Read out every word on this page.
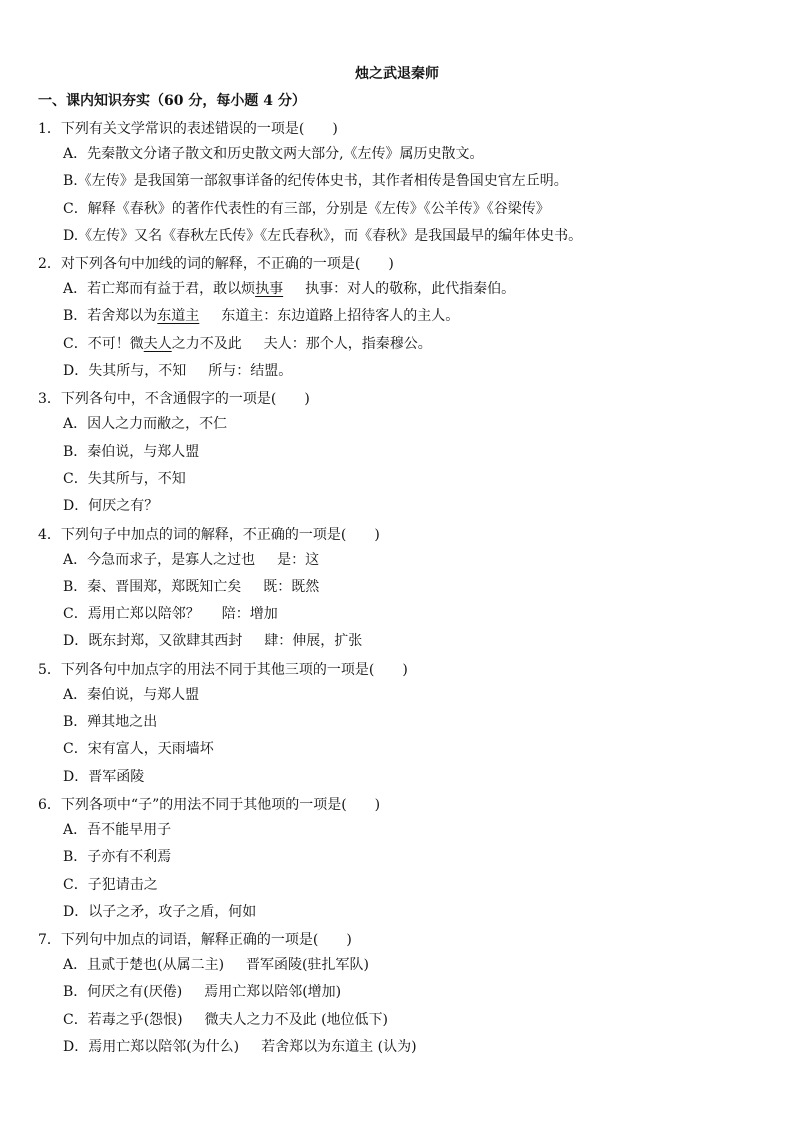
烛之武退秦师
一、课内知识夯实（60 分，每小题 4 分）
1．下列有关文学常识的表述错误的一项是(　　)
A．先秦散文分诸子散文和历史散文两大部分,《左传》属历史散文。
B.《左传》是我国第一部叙事详备的纪传体史书，其作者相传是鲁国史官左丘明。
C．解释《春秋》的著作代表性的有三部，分别是《左传》《公羊传》《谷梁传》
D.《左传》又名《春秋左氏传》《左氏春秋》，而《春秋》是我国最早的编年体史书。
2．对下列各句中加线的词的解释，不正确的一项是(　　)
A．若亡郑而有益于君，敢以烦执事 执事：对人的敬称，此代指秦伯。
B．若舍郑以为东道主 东道主：东边道路上招待客人的主人。
C．不可！微夫人之力不及此 夫人：那个人，指秦穆公。
D．失其所与，不知 所与：结盟。
3．下列各句中，不含通假字的一项是(　　)
A．因人之力而敝之，不仁
B．秦伯说，与郑人盟
C．失其所与，不知
D．何厌之有？
4．下列句子中加点的词的解释，不正确的一项是(　　)
A．今急而求子，是寡人之过也 是：这
B．秦、晋围郑，郑既知亡矣 既：既然
C．焉用亡郑以陪邻？ 陪：增加
D．既东封郑，又欲肆其西封 肆：伸展，扩张
5．下列各句中加点字的用法不同于其他三项的一项是(　　)
A．秦伯说，与郑人盟
B．殚其地之出
C．宋有富人，天雨墙坏
D．晋军函陵
6．下列各项中“子”的用法不同于其他项的一项是(　　)
A．吾不能早用子
B．子亦有不利焉
C．子犯请击之
D．以子之矛，攻子之盾，何如
7．下列句中加点的词语，解释正确的一项是(　　)
A．且贰于楚也(从属二主) 晋军函陵(驻扎军队)
B．何厌之有(厌倦) 焉用亡郑以陪邻(增加)
C．若毒之乎(怨恨) 微夫人之力不及此 (地位低下)
D．焉用亡郑以陪邻(为什么) 若舍郑以为东道主 (认为)
